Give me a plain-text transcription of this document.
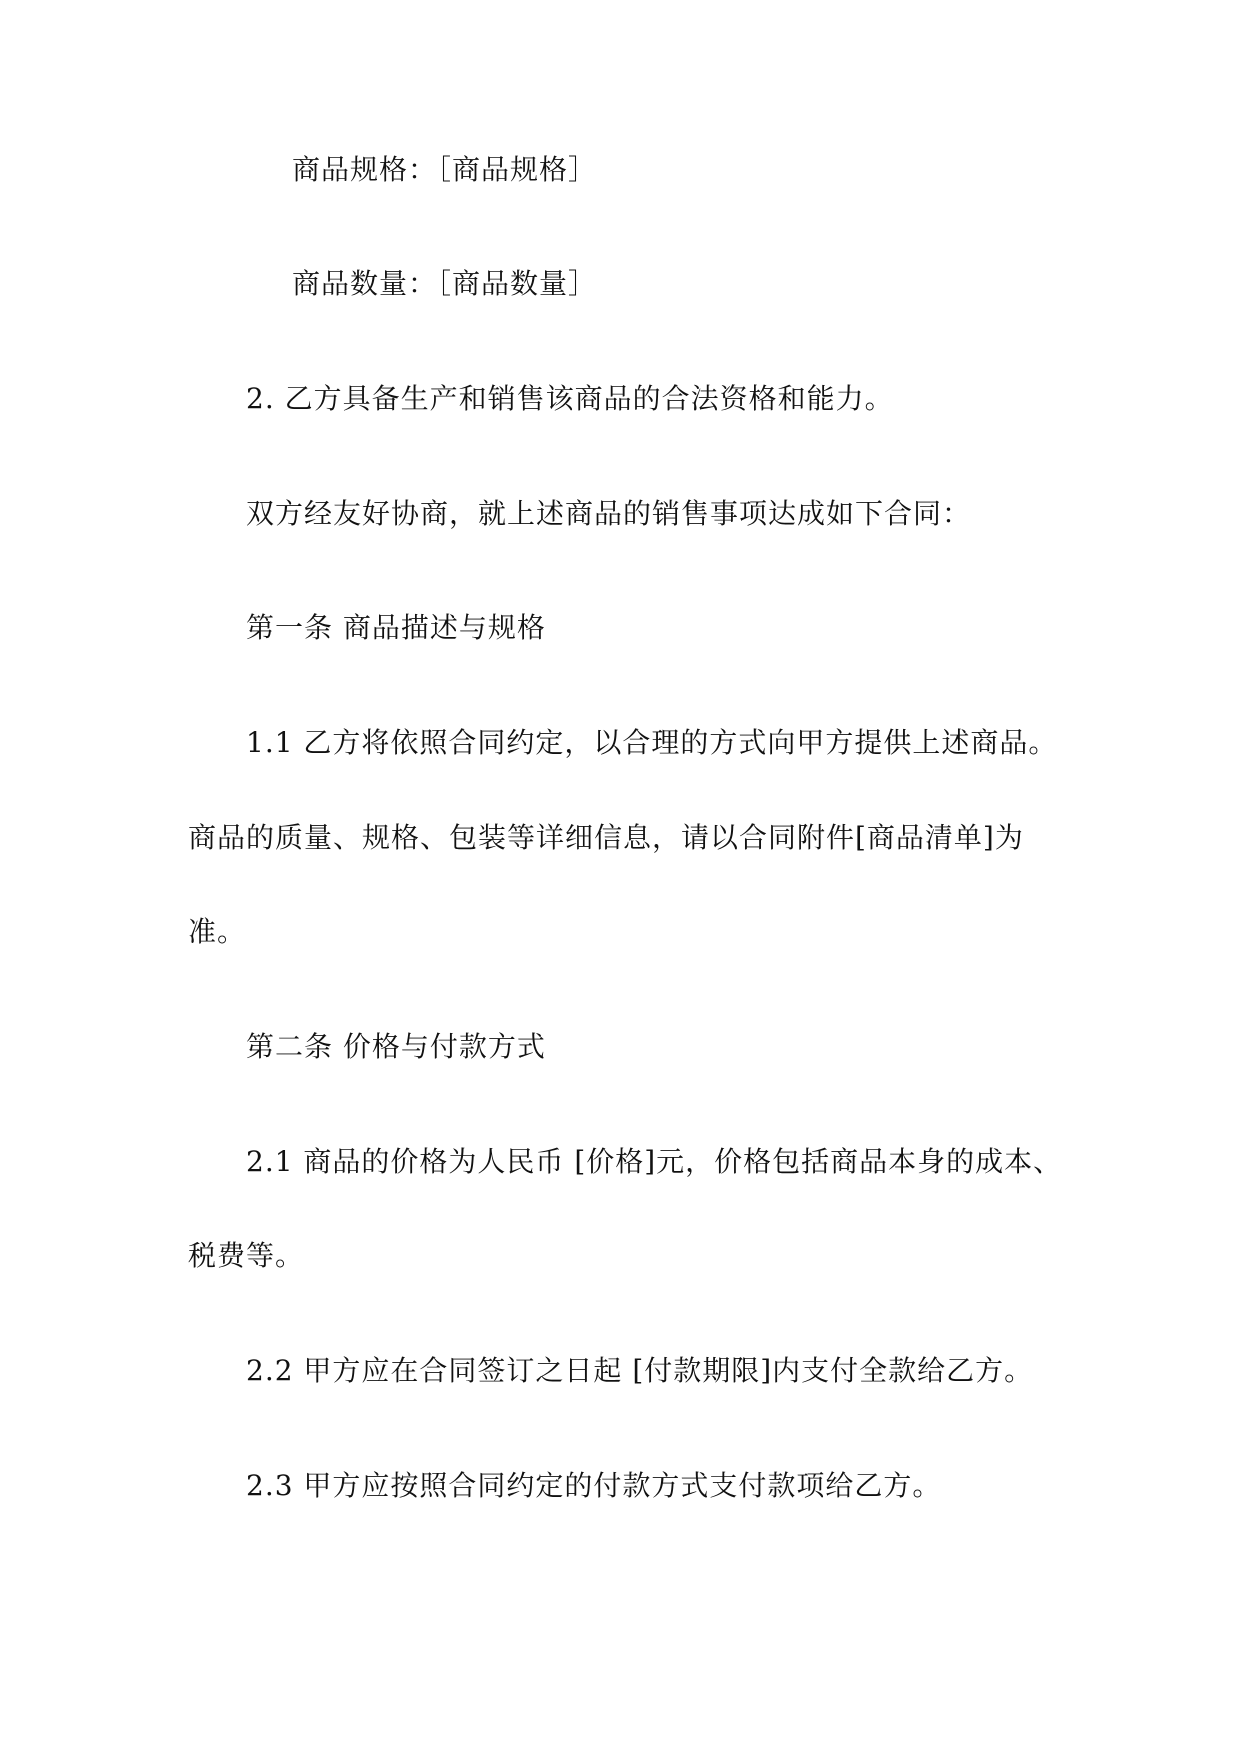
商品规格：［商品规格］
商品数量：［商品数量］
2. 乙方具备生产和销售该商品的合法资格和能力。
双方经友好协商，就上述商品的销售事项达成如下合同：
第一条 商品描述与规格
1.1 乙方将依照合同约定，以合理的方式向甲方提供上述商品。
商品的质量、规格、包装等详细信息，请以合同附件[商品清单]为
准。
第二条 价格与付款方式
2.1 商品的价格为人民币 [价格]元，价格包括商品本身的成本、
税费等。
2.2 甲方应在合同签订之日起 [付款期限]内支付全款给乙方。
2.3 甲方应按照合同约定的付款方式支付款项给乙方。
